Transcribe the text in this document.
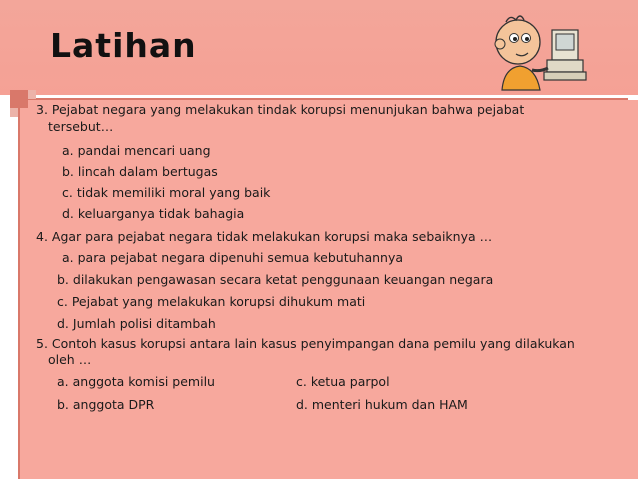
Latihan
3. Pejabat negara yang melakukan tindak korupsi menunjukan bahwa pejabat
tersebut…
a. pandai mencari uang
b. lincah dalam bertugas
c. tidak memiliki moral yang baik
d. keluarganya tidak bahagia
4. Agar para pejabat negara tidak melakukan korupsi maka sebaiknya …
a. para pejabat negara dipenuhi semua kebutuhannya
b. dilakukan pengawasan secara ketat penggunaan keuangan negara
c. Pejabat yang melakukan korupsi dihukum mati
d. Jumlah polisi ditambah
5. Contoh kasus korupsi antara lain kasus penyimpangan dana pemilu yang dilakukan
oleh …
a. anggota komisi pemilu
b. anggota DPR
c. ketua parpol
d. menteri hukum dan HAM
